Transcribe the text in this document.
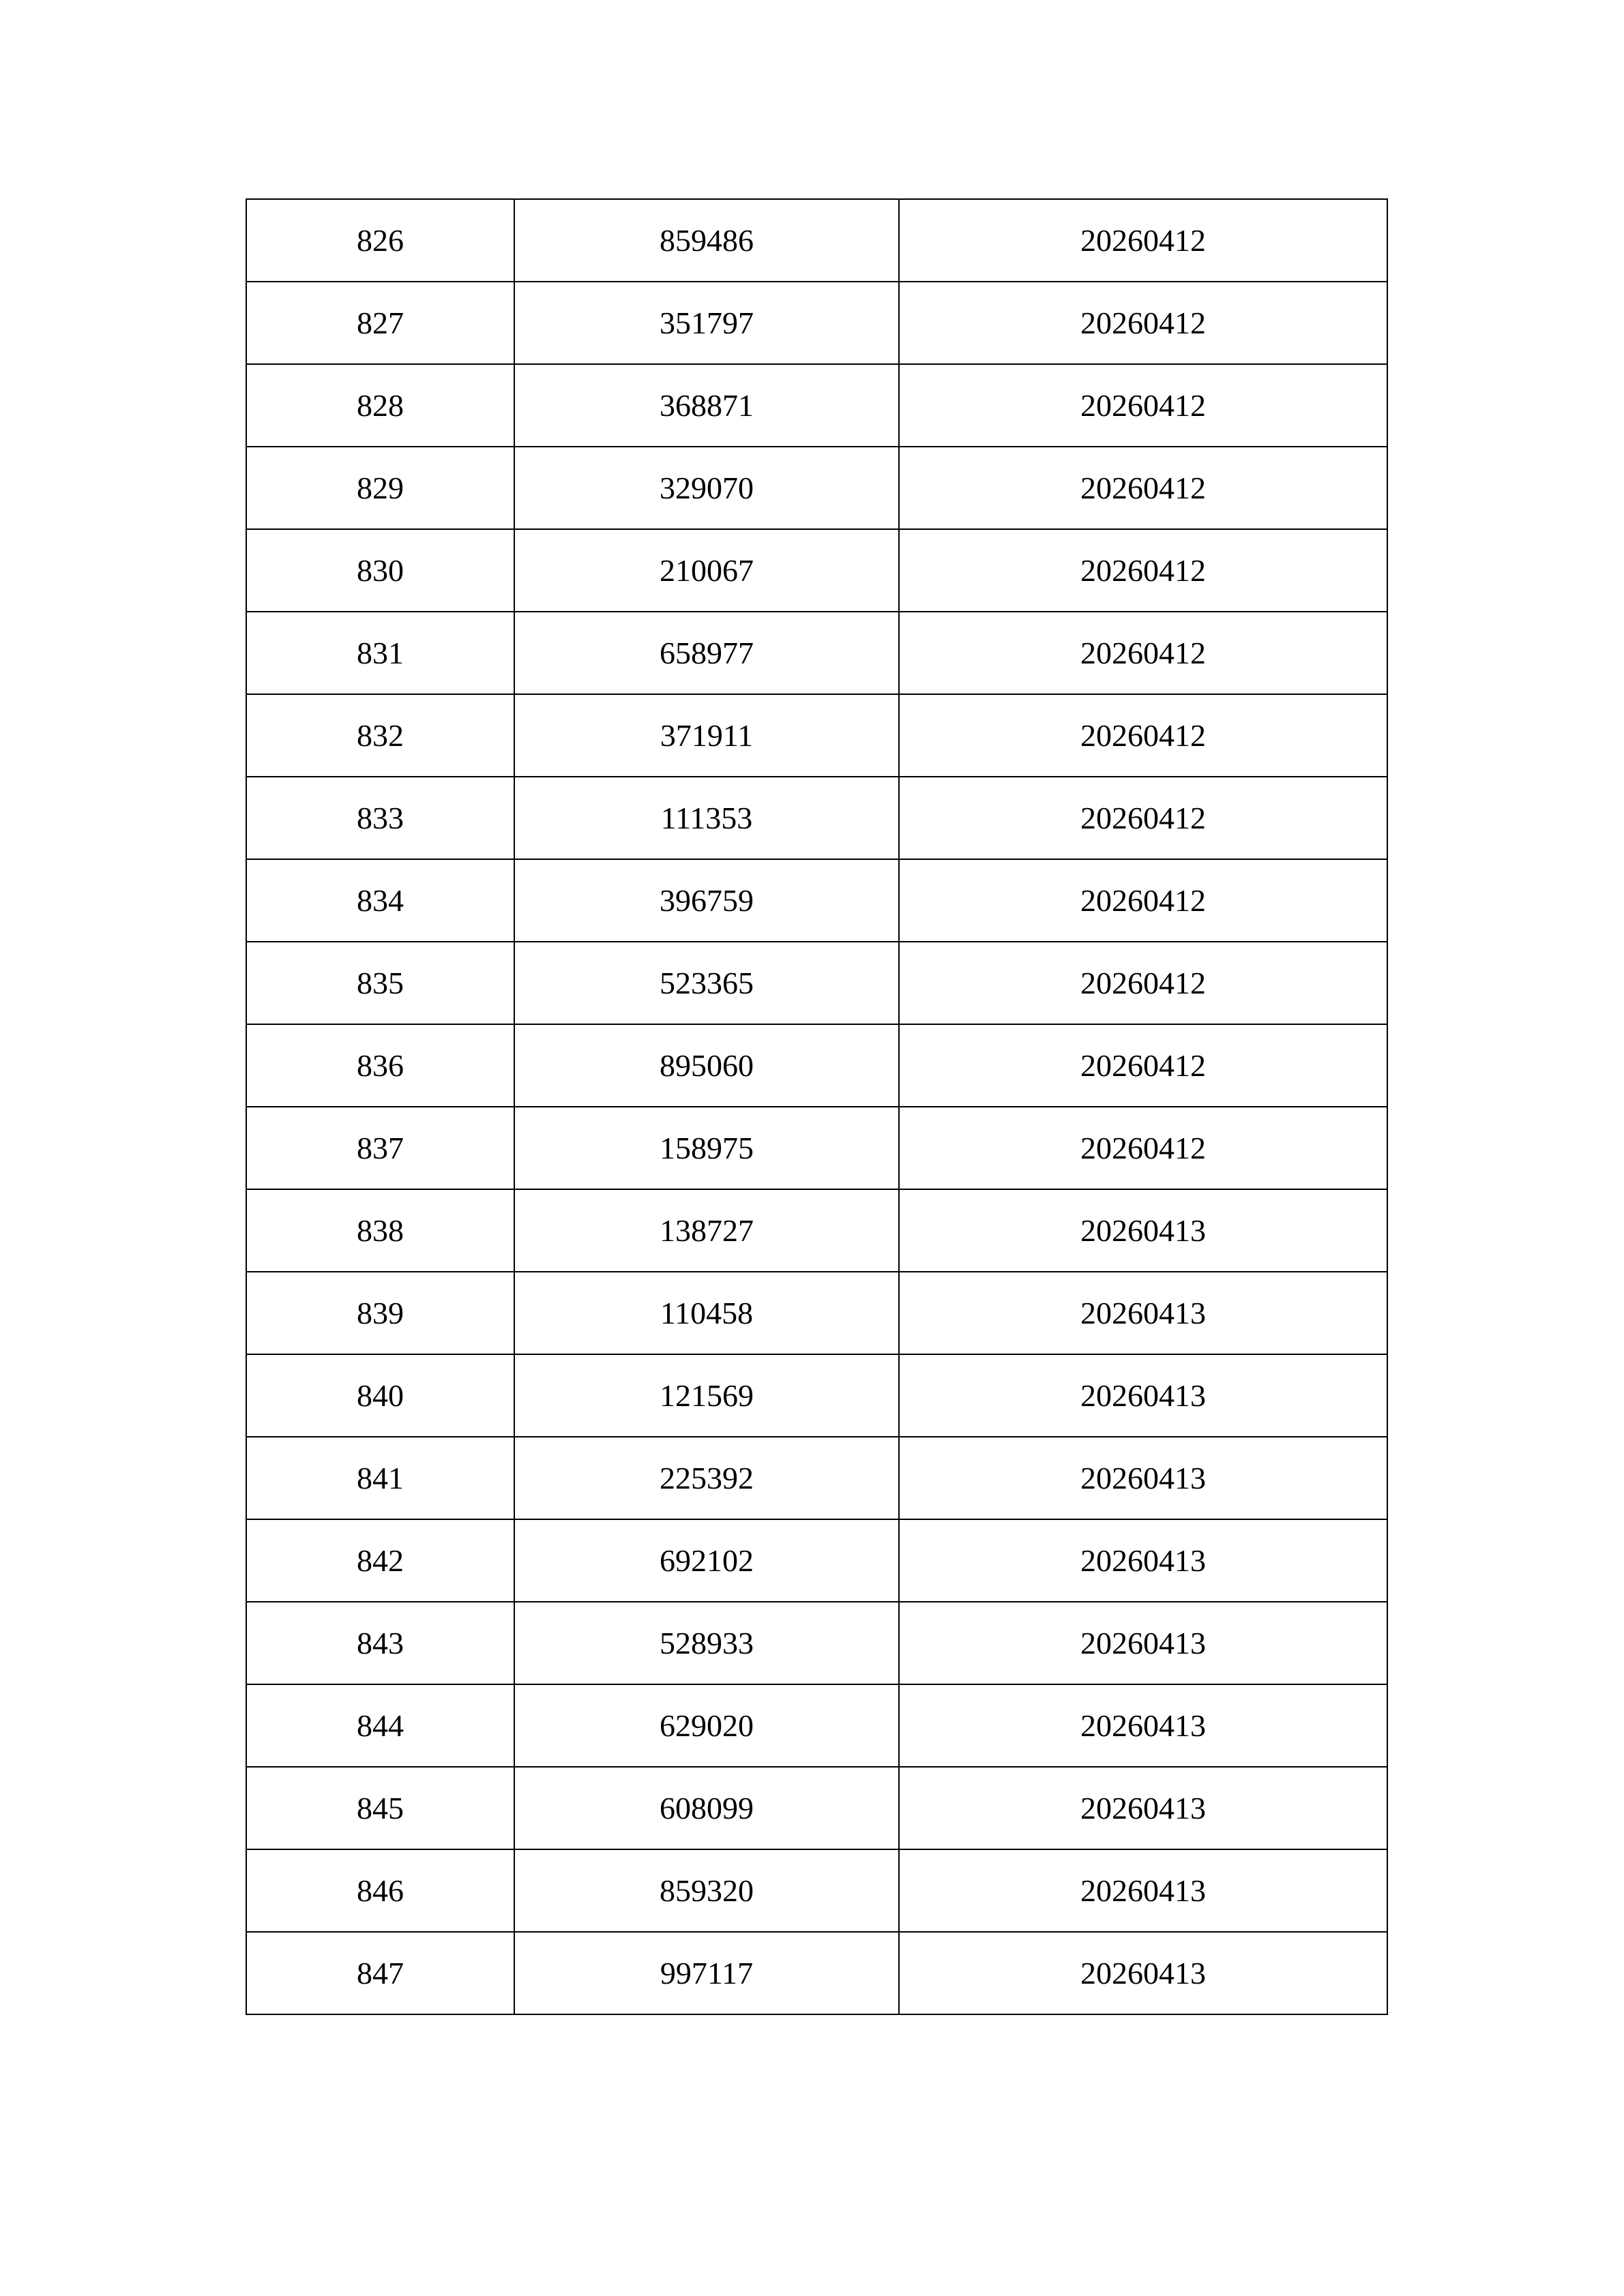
826	859486	20260412
827	351797	20260412
828	368871	20260412
829	329070	20260412
830	210067	20260412
831	658977	20260412
832	371911	20260412
833	111353	20260412
834	396759	20260412
835	523365	20260412
836	895060	20260412
837	158975	20260412
838	138727	20260413
839	110458	20260413
840	121569	20260413
841	225392	20260413
842	692102	20260413
843	528933	20260413
844	629020	20260413
845	608099	20260413
846	859320	20260413
847	997117	20260413
